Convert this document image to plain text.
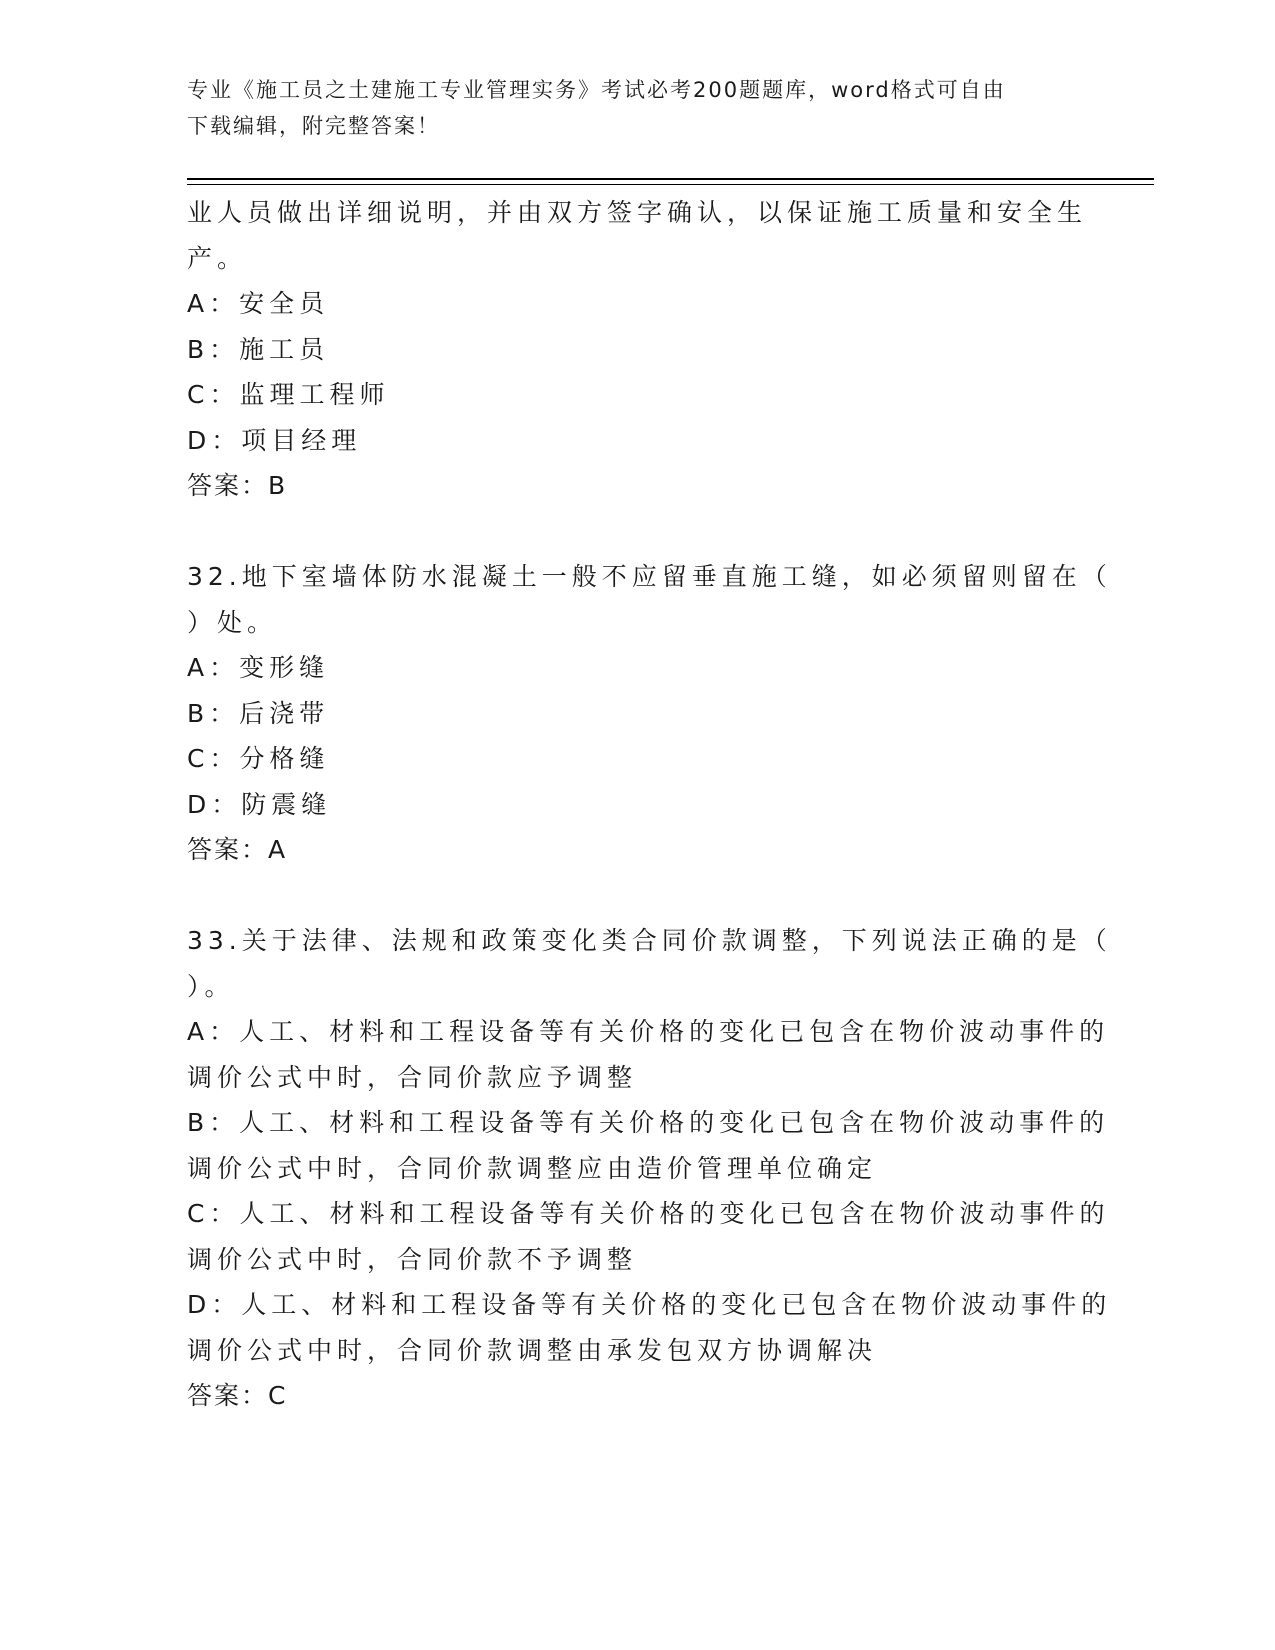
专业《施工员之土建施工专业管理实务》考试必考200题题库，word格式可自由
下载编辑，附完整答案！
业人员做出详细说明，并由双方签字确认，以保证施工质量和安全生
产。
A：安全员
B：施工员
C：监理工程师
D：项目经理
答案：B
32.地下室墙体防水混凝土一般不应留垂直施工缝，如必须留则留在（
）处。
A：变形缝
B：后浇带
C：分格缝
D：防震缝
答案：A
33.关于法律、法规和政策变化类合同价款调整，下列说法正确的是（
）。
A：人工、材料和工程设备等有关价格的变化已包含在物价波动事件的
调价公式中时，合同价款应予调整
B：人工、材料和工程设备等有关价格的变化已包含在物价波动事件的
调价公式中时，合同价款调整应由造价管理单位确定
C：人工、材料和工程设备等有关价格的变化已包含在物价波动事件的
调价公式中时，合同价款不予调整
D：人工、材料和工程设备等有关价格的变化已包含在物价波动事件的
调价公式中时，合同价款调整由承发包双方协调解决
答案：C
